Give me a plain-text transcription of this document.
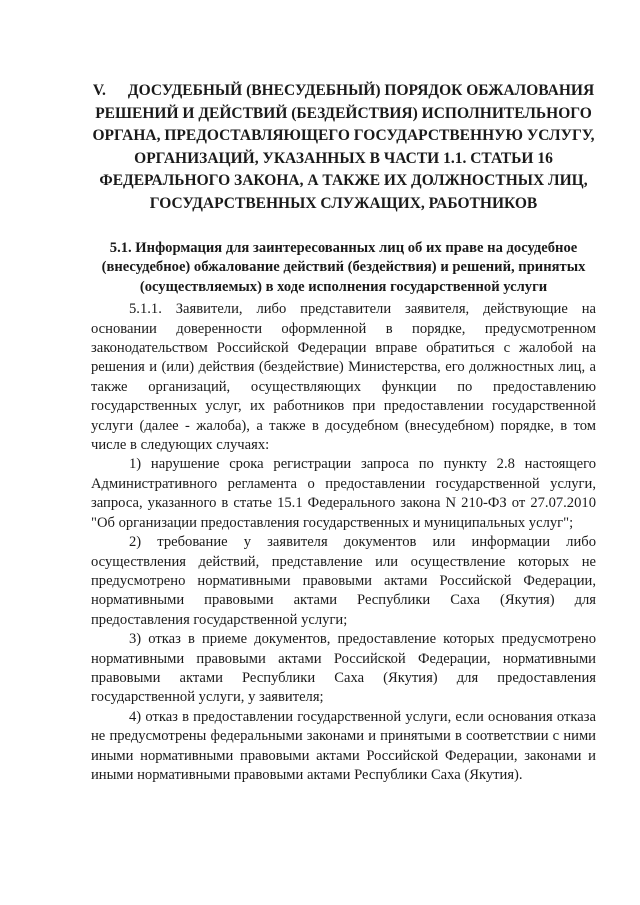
V. ДОСУДЕБНЫЙ (ВНЕСУДЕБНЫЙ) ПОРЯДОК ОБЖАЛОВАНИЯ РЕШЕНИЙ И ДЕЙСТВИЙ (БЕЗДЕЙСТВИЯ) ИСПОЛНИТЕЛЬНОГО ОРГАНА, ПРЕДОСТАВЛЯЮЩЕГО ГОСУДАРСТВЕННУЮ УСЛУГУ, ОРГАНИЗАЦИЙ, УКАЗАННЫХ В ЧАСТИ 1.1. СТАТЬИ 16 ФЕДЕРАЛЬНОГО ЗАКОНА, А ТАКЖЕ ИХ ДОЛЖНОСТНЫХ ЛИЦ, ГОСУДАРСТВЕННЫХ СЛУЖАЩИХ, РАБОТНИКОВ
5.1. Информация для заинтересованных лиц об их праве на досудебное (внесудебное) обжалование действий (бездействия) и решений, принятых (осуществляемых) в ходе исполнения государственной услуги

5.1.1. Заявители, либо представители заявителя, действующие на основании доверенности оформленной в порядке, предусмотренном законодательством Российской Федерации вправе обратиться с жалобой на решения и (или) действия (бездействие) Министерства, его должностных лиц, а также организаций, осуществляющих функции по предоставлению государственных услуг, их работников при предоставлении государственной услуги (далее - жалоба), а также в досудебном (внесудебном) порядке, в том числе в следующих случаях:

1) нарушение срока регистрации запроса по пункту 2.8 настоящего Административного регламента о предоставлении государственной услуги, запроса, указанного в статье 15.1 Федерального закона N 210-ФЗ от 27.07.2010 "Об организации предоставления государственных и муниципальных услуг";

2) требование у заявителя документов или информации либо осуществления действий, представление или осуществление которых не предусмотрено нормативными правовыми актами Российской Федерации, нормативными правовыми актами Республики Саха (Якутия) для предоставления государственной услуги;

3) отказ в приеме документов, предоставление которых предусмотрено нормативными правовыми актами Российской Федерации, нормативными правовыми актами Республики Саха (Якутия) для предоставления государственной услуги, у заявителя;

4) отказ в предоставлении государственной услуги, если основания отказа не предусмотрены федеральными законами и принятыми в соответствии с ними иными нормативными правовыми актами Российской Федерации, законами и иными нормативными правовыми актами Республики Саха (Якутия).
